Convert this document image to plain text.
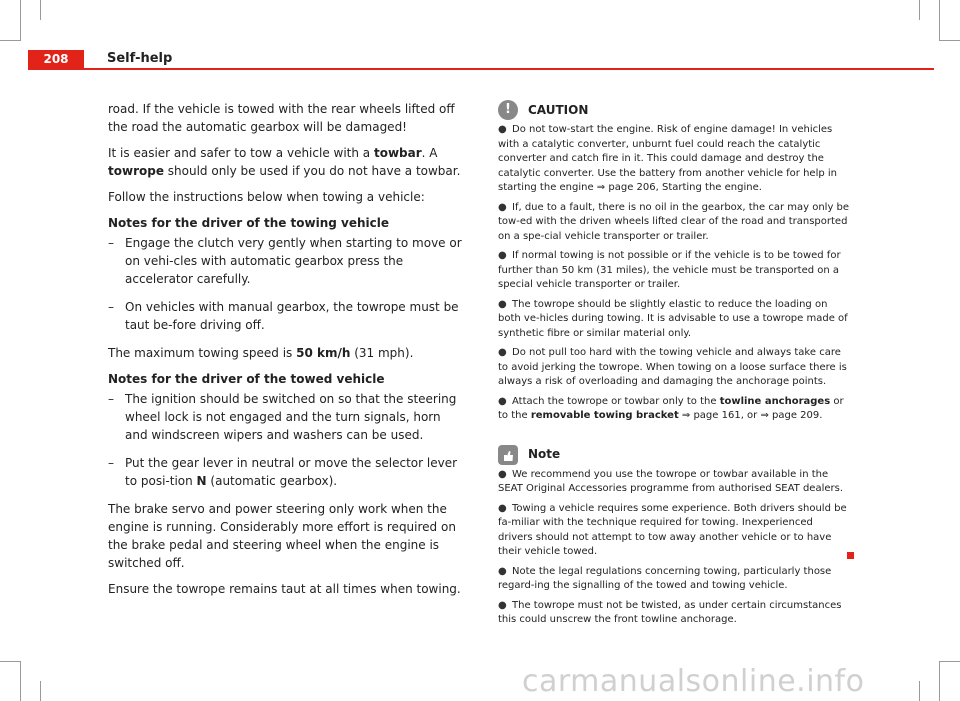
208	Self-help

road. If the vehicle is towed with the rear wheels lifted off the road the automatic gearbox will be damaged!

It is easier and safer to tow a vehicle with a towbar. A towrope should only be used if you do not have a towbar.

Follow the instructions below when towing a vehicle:

Notes for the driver of the towing vehicle

– Engage the clutch very gently when starting to move or on vehi-cles with automatic gearbox press the accelerator carefully.
– On vehicles with manual gearbox, the towrope must be taut be-fore driving off.

The maximum towing speed is 50 km/h (31 mph).

Notes for the driver of the towed vehicle

– The ignition should be switched on so that the steering wheel lock is not engaged and the turn signals, horn and windscreen wipers and washers can be used.
– Put the gear lever in neutral or move the selector lever to posi-tion N (automatic gearbox).

The brake servo and power steering only work when the engine is running. Considerably more effort is required on the brake pedal and steering wheel when the engine is switched off.

Ensure the towrope remains taut at all times when towing.

!	CAUTION
● Do not tow-start the engine. Risk of engine damage! In vehicles with a catalytic converter, unburnt fuel could reach the catalytic converter and catch fire in it. This could damage and destroy the catalytic converter. Use the battery from another vehicle for help in starting the engine ⇒ page 206, Starting the engine.
● If, due to a fault, there is no oil in the gearbox, the car may only be tow-ed with the driven wheels lifted clear of the road and transported on a spe-cial vehicle transporter or trailer.
● If normal towing is not possible or if the vehicle is to be towed for further than 50 km (31 miles), the vehicle must be transported on a special vehicle transporter or trailer.
● The towrope should be slightly elastic to reduce the loading on both ve-hicles during towing. It is advisable to use a towrope made of synthetic fibre or similar material only.
● Do not pull too hard with the towing vehicle and always take care to avoid jerking the towrope. When towing on a loose surface there is always a risk of overloading and damaging the anchorage points.
● Attach the towrope or towbar only to the towline anchorages or to the removable towing bracket ⇒ page 161, or ⇒ page 209.
Note
● We recommend you use the towrope or towbar available in the SEAT Original Accessories programme from authorised SEAT dealers.
● Towing a vehicle requires some experience. Both drivers should be fa-miliar with the technique required for towing. Inexperienced drivers should not attempt to tow away another vehicle or to have their vehicle towed.
● Note the legal regulations concerning towing, particularly those regard-ing the signalling of the towed and towing vehicle.
● The towrope must not be twisted, as under certain circumstances this could unscrew the front towline anchorage.
carmanualsonline.info
